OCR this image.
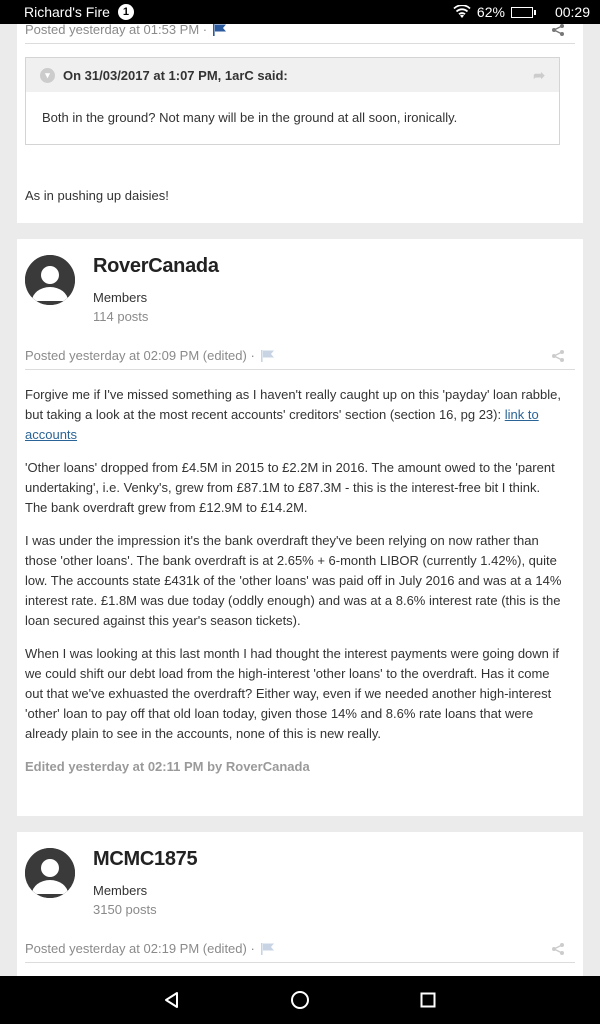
Richard's Fire	1	62%	00:29
Posted yesterday at 01:53 PM ·
▾	On 31/03/2017 at 1:07 PM, 1arC said:	➦
Both in the ground? Not many will be in the ground at all soon, ironically.

As in pushing up daisies!

RoverCanada
Members
114 posts
Posted yesterday at 02:09 PM (edited) ·

Forgive me if I've missed something as I haven't really caught up on this 'payday' loan rabble, but taking a look at the most recent accounts' creditors' section (section 16, pg 23): link to accounts

'Other loans' dropped from £4.5M in 2015 to £2.2M in 2016. The amount owed to the 'parent undertaking', i.e. Venky's, grew from £87.1M to £87.3M - this is the interest-free bit I think. The bank overdraft grew from £12.9M to £14.2M.

I was under the impression it's the bank overdraft they've been relying on now rather than those 'other loans'. The bank overdraft is at 2.65% + 6-month LIBOR (currently 1.42%), quite low. The accounts state £431k of the 'other loans' was paid off in July 2016 and was at a 14% interest rate. £1.8M was due today (oddly enough) and was at a 8.6% interest rate (this is the loan secured against this year's season tickets).

When I was looking at this last month I had thought the interest payments were going down if we could shift our debt load from the high-interest 'other loans' to the overdraft. Has it come out that we've exhuasted the overdraft? Either way, even if we needed another high-interest 'other' loan to pay off that old loan today, given those 14% and 8.6% rate loans that were already plain to see in the accounts, none of this is new really.

Edited yesterday at 02:11 PM by RoverCanada
MCMC1875
Members
3150 posts
Posted yesterday at 02:19 PM (edited) ·
